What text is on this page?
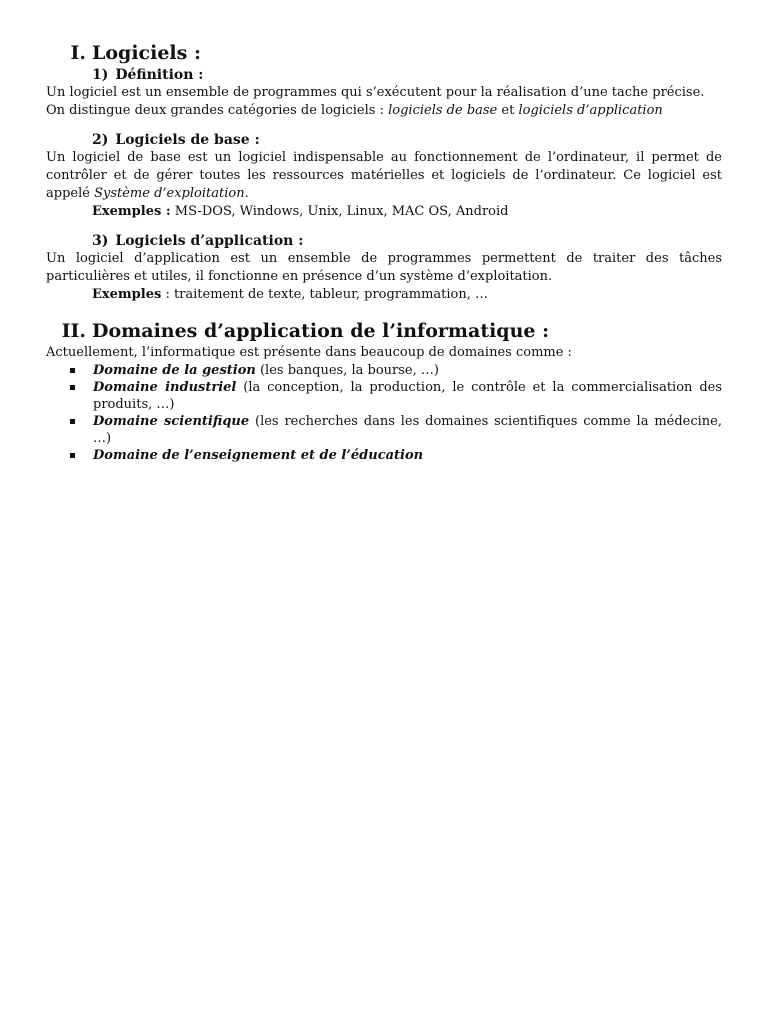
I. Logiciels :
1) Définition :

Un logiciel est un ensemble de programmes qui s’exécutent pour la réalisation d’une tache précise.

On distingue deux grandes catégories de logiciels : logiciels de base et logiciels d’application

2) Logiciels de base :

Un logiciel de base est un logiciel indispensable au fonctionnement de l’ordinateur, il permet de contrôler et de gérer toutes les ressources matérielles et logiciels de l’ordinateur. Ce logiciel est appelé Système d’exploitation.

Exemples : MS-DOS, Windows, Unix, Linux, MAC OS, Android

3) Logiciels d’application :

Un logiciel d’application est un ensemble de programmes permettent de traiter des tâches particulières et utiles, il fonctionne en présence d’un système d’exploitation.

Exemples : traitement de texte, tableur, programmation, …

II. Domaines d’application de l’informatique :

Actuellement, l’informatique est présente dans beaucoup de domaines comme :

Domaine de la gestion (les banques, la bourse, …)
Domaine industriel (la conception, la production, le contrôle et la commercialisation des produits, …)
Domaine scientifique (les recherches dans les domaines scientifiques comme la médecine, …)
Domaine de l’enseignement et de l’éducation
